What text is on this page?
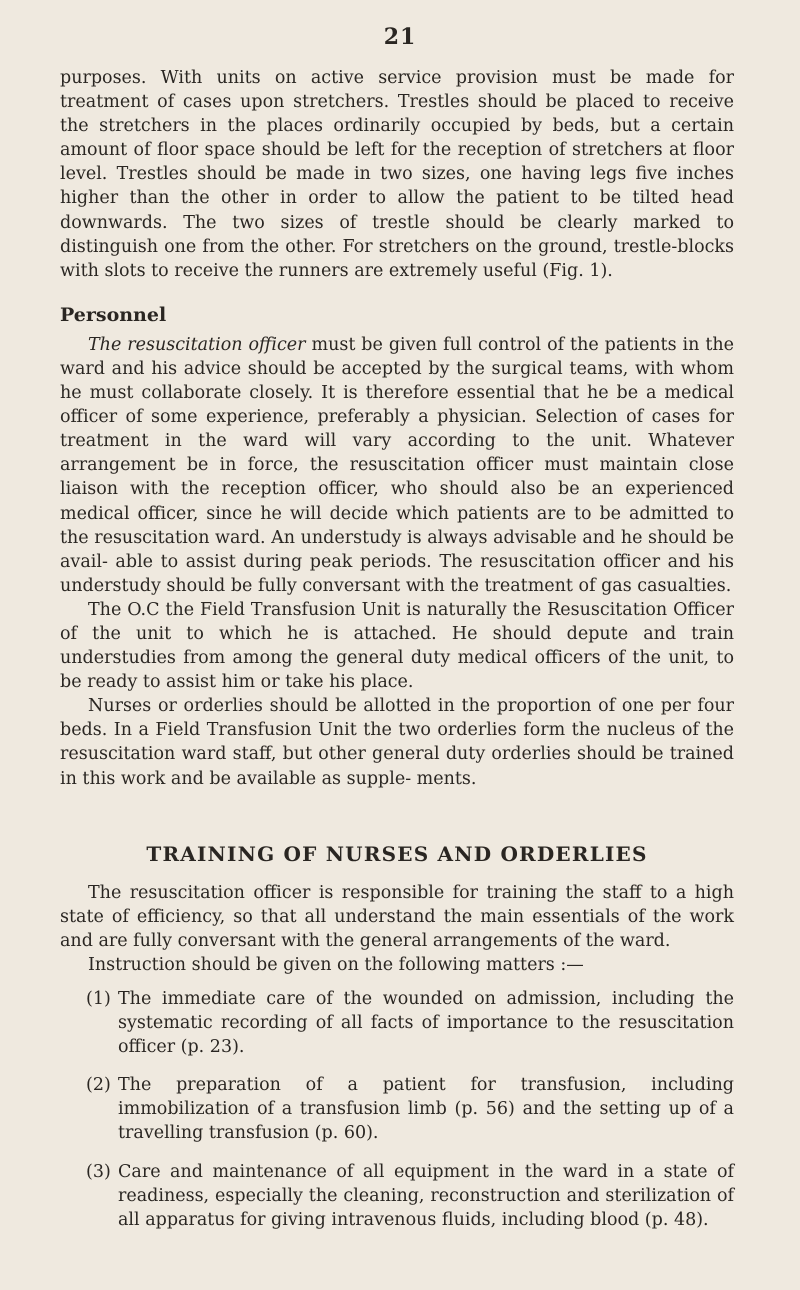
21

purposes. With units on active service provision must be made for treatment of cases upon stretchers. Trestles should be placed to receive the stretchers in the places ordinarily occupied by beds, but a certain amount of floor space should be left for the reception of stretchers at floor level. Trestles should be made in two sizes, one having legs five inches higher than the other in order to allow the patient to be tilted head downwards. The two sizes of trestle should be clearly marked to distinguish one from the other. For stretchers on the ground, trestle-blocks with slots to receive the runners are extremely useful (Fig. 1).

Personnel

The resuscitation officer must be given full control of the patients in the ward and his advice should be accepted by the surgical teams, with whom he must collaborate closely. It is therefore essential that he be a medical officer of some experience, preferably a physician. Selection of cases for treatment in the ward will vary according to the unit. Whatever arrangement be in force, the resuscitation officer must maintain close liaison with the reception officer, who should also be an experienced medical officer, since he will decide which patients are to be admitted to the resuscitation ward. An understudy is always advisable and he should be avail- able to assist during peak periods. The resuscitation officer and his understudy should be fully conversant with the treatment of gas casualties.

The O.C the Field Transfusion Unit is naturally the Resuscitation Officer of the unit to which he is attached. He should depute and train understudies from among the general duty medical officers of the unit, to be ready to assist him or take his place.

Nurses or orderlies should be allotted in the proportion of one per four beds. In a Field Transfusion Unit the two orderlies form the nucleus of the resuscitation ward staff, but other general duty orderlies should be trained in this work and be available as supple- ments.

TRAINING OF NURSES AND ORDERLIES

The resuscitation officer is responsible for training the staff to a high state of efficiency, so that all understand the main essentials of the work and are fully conversant with the general arrangements of the ward.

Instruction should be given on the following matters :—

(1) The immediate care of the wounded on admission, including the systematic recording of all facts of importance to the resuscitation officer (p. 23).
(2) The preparation of a patient for transfusion, including immobilization of a transfusion limb (p. 56) and the setting up of a travelling transfusion (p. 60).
(3) Care and maintenance of all equipment in the ward in a state of readiness, especially the cleaning, reconstruction and sterilization of all apparatus for giving intravenous fluids, including blood (p. 48).
